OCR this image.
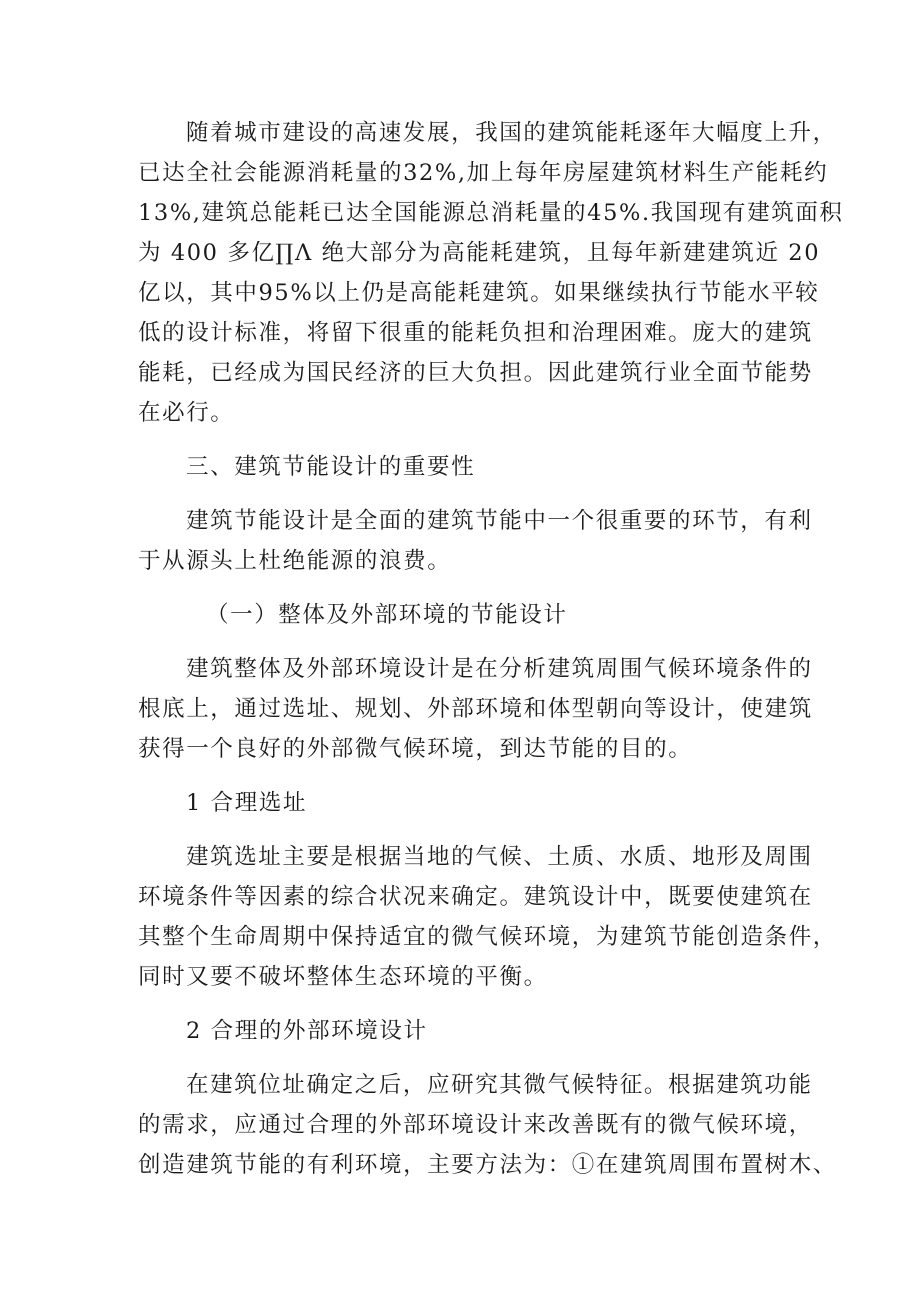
随着城市建设的高速发展，我国的建筑能耗逐年大幅度上升，
已达全社会能源消耗量的32%,加上每年房屋建筑材料生产能耗约
13%,建筑总能耗已达全国能源总消耗量的45%.我国现有建筑面积
为 400 多亿∏Λ 绝大部分为高能耗建筑，且每年新建建筑近 20
亿以，其中95%以上仍是高能耗建筑。如果继续执行节能水平较
低的设计标准，将留下很重的能耗负担和治理困难。庞大的建筑
能耗，已经成为国民经济的巨大负担。因此建筑行业全面节能势
在必行。
三、建筑节能设计的重要性
建筑节能设计是全面的建筑节能中一个很重要的环节，有利
于从源头上杜绝能源的浪费。
（一）整体及外部环境的节能设计
建筑整体及外部环境设计是在分析建筑周围气候环境条件的
根底上，通过选址、规划、外部环境和体型朝向等设计，使建筑
获得一个良好的外部微气候环境，到达节能的目的。
1 合理选址
建筑选址主要是根据当地的气候、土质、水质、地形及周围
环境条件等因素的综合状况来确定。建筑设计中，既要使建筑在
其整个生命周期中保持适宜的微气候环境，为建筑节能创造条件，
同时又要不破坏整体生态环境的平衡。
2 合理的外部环境设计
在建筑位址确定之后，应研究其微气候特征。根据建筑功能
的需求，应通过合理的外部环境设计来改善既有的微气候环境，
创造建筑节能的有利环境，主要方法为：①在建筑周围布置树木、
